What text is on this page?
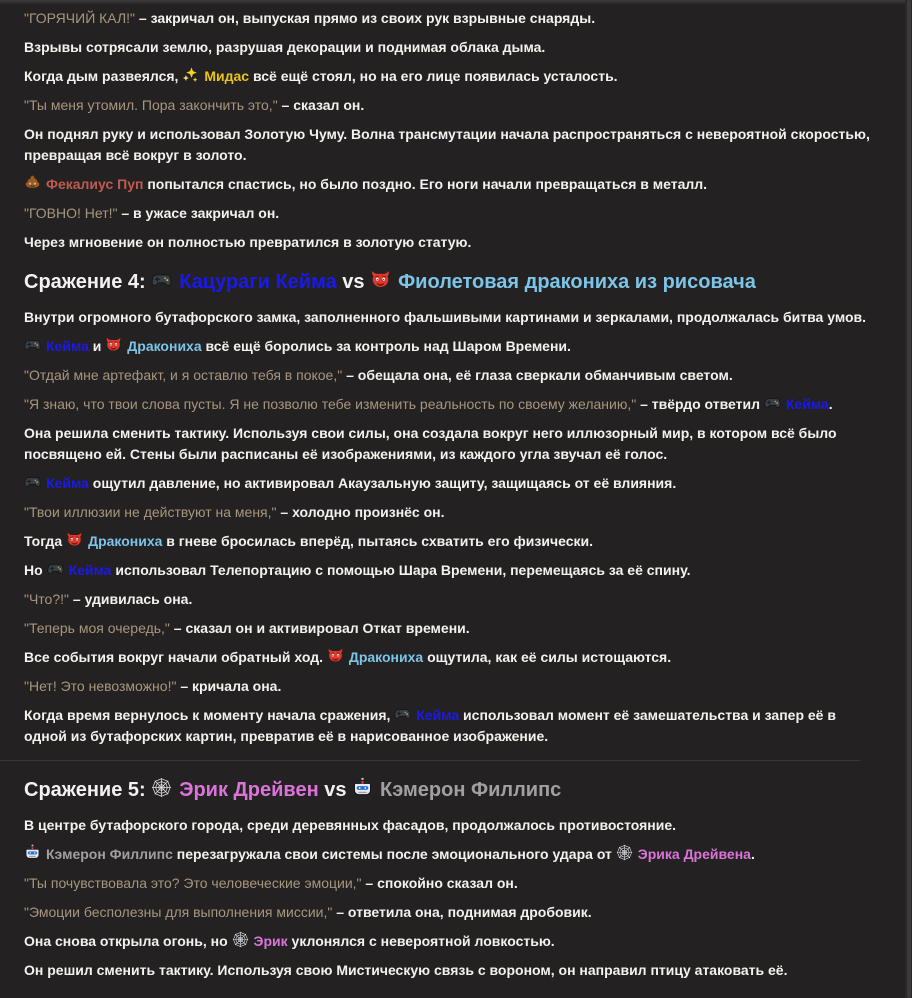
"ГОРЯЧИЙ КАЛ!" – закричал он, выпуская прямо из своих рук взрывные снаряды.

Взрывы сотрясали землю, разрушая декорации и поднимая облака дыма.

Когда дым развеялся,
Мидас всё ещё стоял, но на его лице появилась усталость.

"Ты меня утомил. Пора закончить это," – сказал он.

Он поднял руку и использовал Золотую Чуму. Волна трансмутации начала распространяться с невероятной скоростью, превращая всё вокруг в золото.

Фекалиус Пуп попытался спастись, но было поздно. Его ноги начали превращаться в металл.

"ГОВНО! Нет!" – в ужасе закричал он.

Через мгновение он полностью превратился в золотую статую.

Сражение 4:
Кацураги Кейма vs
Фиолетовая дракониха из рисовача

Внутри огромного бутафорского замка, заполненного фальшивыми картинами и зеркалами, продолжалась битва умов.

Кейма и
Дракониха всё ещё боролись за контроль над Шаром Времени.

"Отдай мне артефакт, и я оставлю тебя в покое," – обещала она, её глаза сверкали обманчивым светом.

"Я знаю, что твои слова пусты. Я не позволю тебе изменить реальность по своему желанию," – твёрдо ответил
Кейма.

Она решила сменить тактику. Используя свои силы, она создала вокруг него иллюзорный мир, в котором всё было посвящено ей. Стены были расписаны её изображениями, из каждого угла звучал её голос.

Кейма ощутил давление, но активировал Акаузальную защиту, защищаясь от её влияния.

"Твои иллюзии не действуют на меня," – холодно произнёс он.

Тогда
Дракониха в гневе бросилась вперёд, пытаясь схватить его физически.

Но
Кейма использовал Телепортацию с помощью Шара Времени, перемещаясь за её спину.

"Что?!" – удивилась она.

"Теперь моя очередь," – сказал он и активировал Откат времени.

Все события вокруг начали обратный ход.
Дракониха ощутила, как её силы истощаются.

"Нет! Это невозможно!" – кричала она.

Когда время вернулось к моменту начала сражения,
Кейма использовал момент её замешательства и запер её в одной из бутафорских картин, превратив её в нарисованное изображение.

Сражение 5:
Эрик Дрейвен vs
Кэмерон Филлипс

В центре бутафорского города, среди деревянных фасадов, продолжалось противостояние.

Кэмерон Филлипс перезагружала свои системы после эмоционального удара от
Эрика Дрейвена.

"Ты почувствовала это? Это человеческие эмоции," – спокойно сказал он.

"Эмоции бесполезны для выполнения миссии," – ответила она, поднимая дробовик.

Она снова открыла огонь, но
Эрик уклонялся с невероятной ловкостью.

Он решил сменить тактику. Используя свою Мистическую связь с вороном, он направил птицу атаковать её.
